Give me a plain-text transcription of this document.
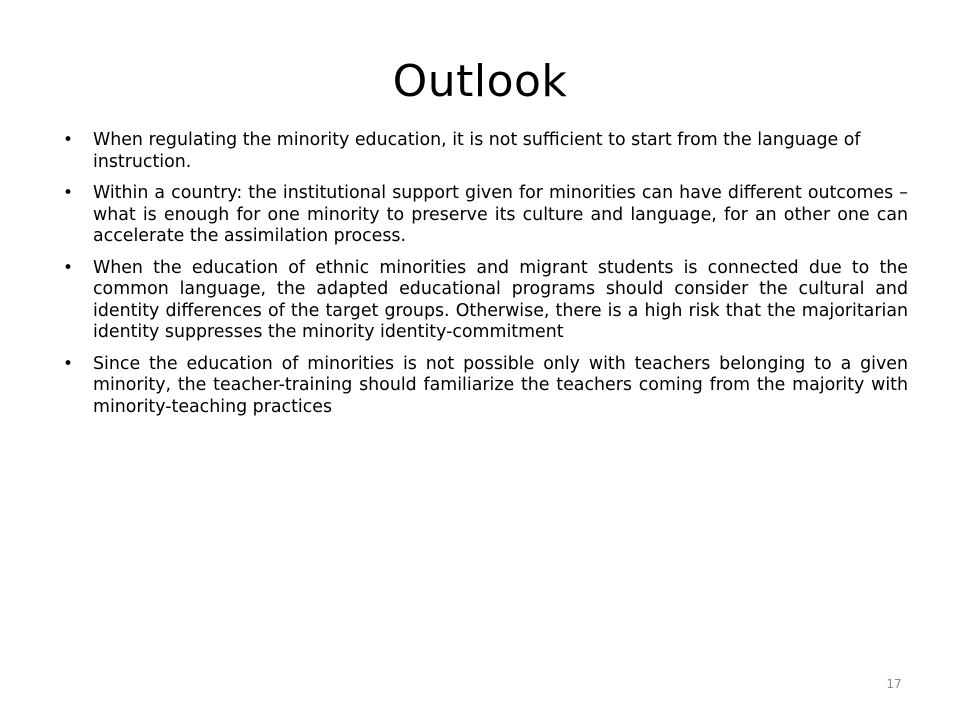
Outlook
• When regulating the minority education, it is not sufficient to start from the language of instruction.
• Within a country: the institutional support given for minorities can have different outcomes – what is enough for one minority to preserve its culture and language, for an other one can accelerate the assimilation process.
• When the education of ethnic minorities and migrant students is connected due to the common language, the adapted educational programs should consider the cultural and identity differences of the target groups. Otherwise, there is a high risk that the majoritarian identity suppresses the minority identity-commitment
• Since the education of minorities is not possible only with teachers belonging to a given minority, the teacher-training should familiarize the teachers coming from the majority with minority-teaching practices
17
